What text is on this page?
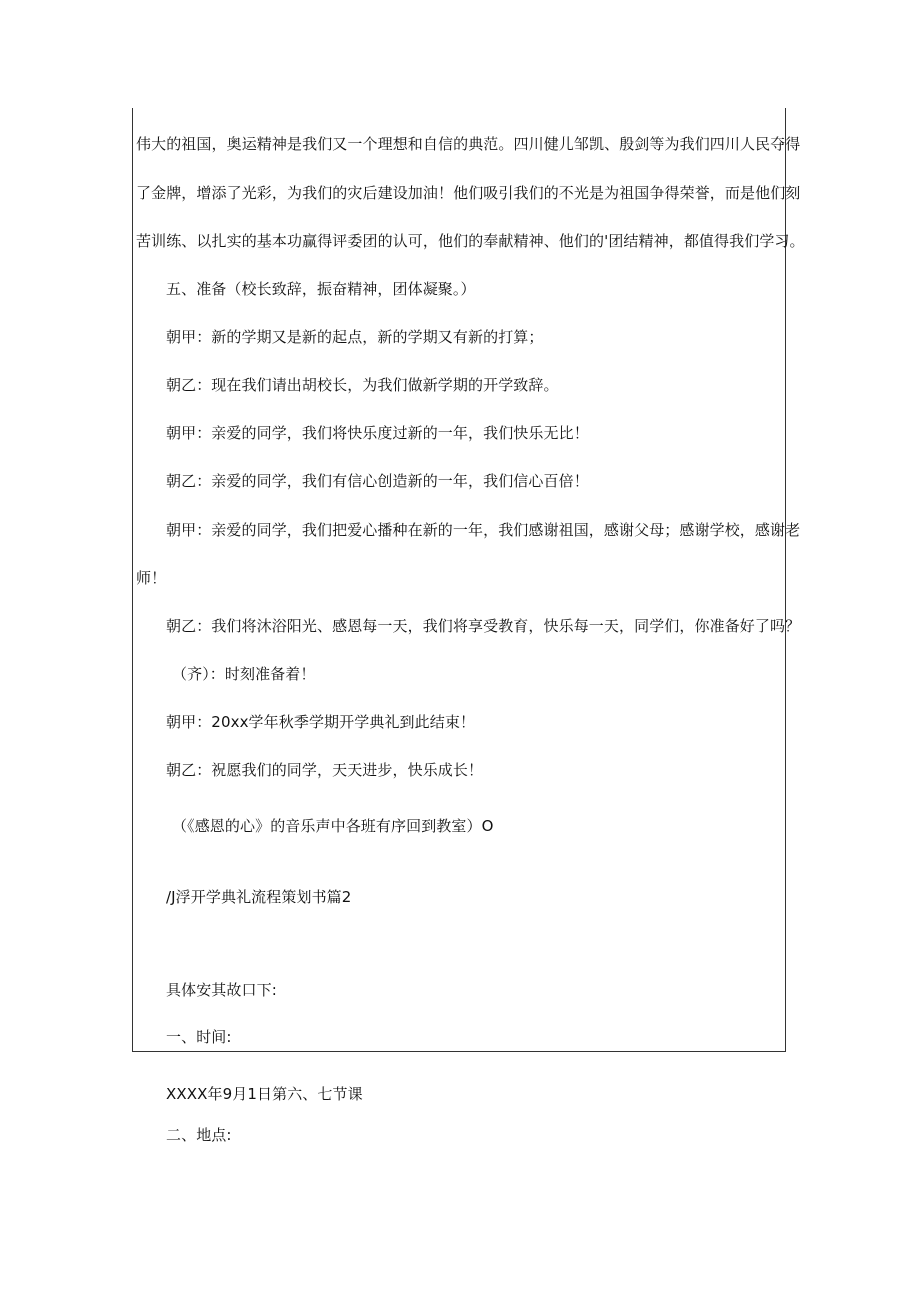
伟大的祖国，奥运精神是我们又一个理想和自信的典范。四川健儿邹凯、殷剑等为我们四川人民夺得
了金牌，增添了光彩，为我们的灾后建设加油！他们吸引我们的不光是为祖国争得荣誉，而是他们刻
苦训练、以扎实的基本功赢得评委团的认可，他们的奉献精神、他们的'团结精神，都值得我们学习。
五、准备（校长致辞，振奋精神，团体凝聚。）
朝甲：新的学期又是新的起点，新的学期又有新的打算；
朝乙：现在我们请出胡校长，为我们做新学期的开学致辞。
朝甲：亲爱的同学，我们将快乐度过新的一年，我们快乐无比！
朝乙：亲爱的同学，我们有信心创造新的一年，我们信心百倍！
朝甲：亲爱的同学，我们把爱心播种在新的一年，我们感谢祖国，感谢父母；感谢学校，感谢老
师！
朝乙：我们将沐浴阳光、感恩每一天，我们将享受教育，快乐每一天，同学们，你准备好了吗？
（齐）：时刻准备着！
朝甲：20xx学年秋季学期开学典礼到此结束！
朝乙：祝愿我们的同学，天天进步，快乐成长！
（《感恩的心》的音乐声中各班有序回到教室）O
/J浮开学典礼流程策划书篇2
具体安其故口下:
一、时间:
XXXX年9月1日第六、七节课
二、地点:
